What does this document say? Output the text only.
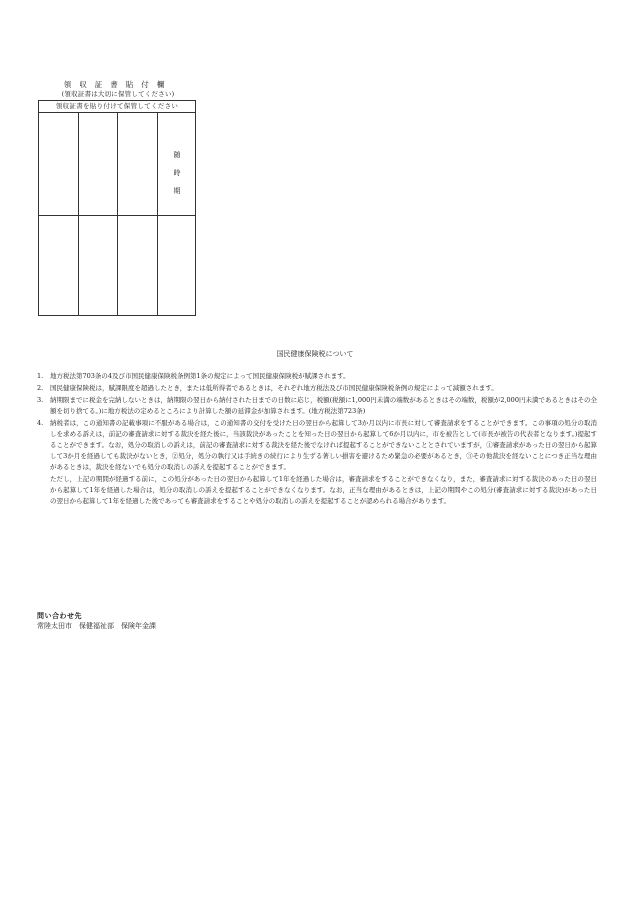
領収証書貼付欄
(領収証書は大切に保管してください)
領収証書を貼り付けて保管してください
随
時
期
国民健康保険税について
1. 地方税法第703条の4及び市国民健康保険税条例第1条の規定によって国民健康保険税が賦課されます。
2. 国民健康保険税は，賦課限度を超過したとき，または低所得者であるときは，それぞれ地方税法及び市国民健康保険税条例の規定によって減額されます。
3. 納期限までに税金を完納しないときは，納期限の翌日から納付された日までの日数に応じ，税額(税額に1,000円未満の端数があるときはその端数，税額が2,000円未満であるときはその全額を切り捨てる。)に地方税法の定めるところにより計算した額の延滞金が加算されます。(地方税法第723条)
4. 納税者は，この通知書の記載事項に不服がある場合は，この通知書の交付を受けた日の翌日から起算して3か月以内に市長に対して審査請求をすることができます。この事項の処分の取消しを求める訴えは，前記の審査請求に対する裁決を経た後に，当該裁決があったことを知った日の翌日から起算して6か月以内に，市を被告として(市長が被告の代表者となります。)提起することができます。なお，処分の取消しの訴えは，前記の審査請求に対する裁決を経た後でなければ提起することができないこととされていますが，①審査請求があった日の翌日から起算して3か月を経過しても裁決がないとき，②処分，処分の執行又は手続きの続行により生ずる著しい損害を避けるため緊急の必要があるとき，③その他裁決を経ないことにつき正当な理由があるときは，裁決を経ないでも処分の取消しの訴えを提起することができます。
ただし，上記の期間が経過する前に，この処分があった日の翌日から起算して1年を経過した場合は，審査請求をすることができなくなり，また，審査請求に対する裁決のあった日の翌日から起算して1年を経過した場合は，処分の取消しの訴えを提起することができなくなります。なお，正当な理由があるときは，上記の期間やこの処分(審査請求に対する裁決)があった日の翌日から起算して1年を経過した後であっても審査請求をすることや処分の取消しの訴えを提起することが認められる場合があります。
問い合わせ先
常陸太田市　保健福祉部　保険年金課
